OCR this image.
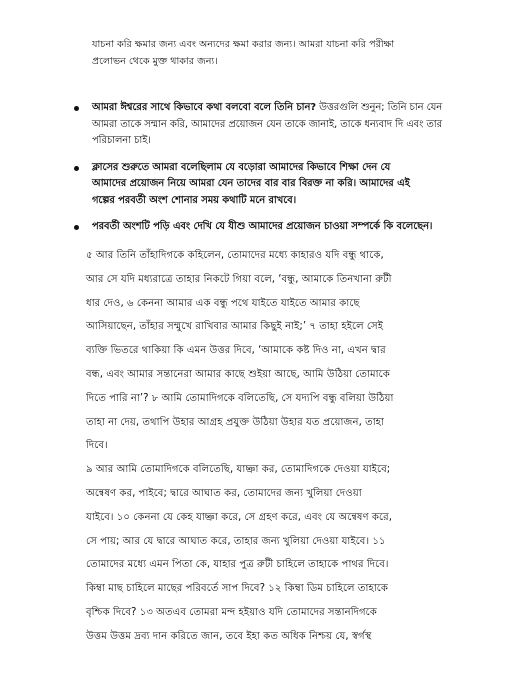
যাচনা করি ক্ষমার জন্য এবং অন্যদের ক্ষমা করার জন্য। আমরা যাচনা করি পরীক্ষা
প্রলোভন থেকে মুক্ত থাকার জন্য।
আমরা ঈশ্বরের সাথে কিভাবে কথা বলবো বলে তিনি চান? উত্তরগুলি শুনুন; তিনি চান যেন
আমরা তাকে সম্মান করি, আমাদের প্রয়োজন যেন তাকে জানাই, তাকে ধন্যবাদ দি এবং তার
পরিচালনা চাই।
ক্লাসের শুরুতে আমরা বলেছিলাম যে বড়োরা আমাদের কিভাবে শিক্ষা দেন যে
আমাদের প্রয়োজন নিয়ে আমরা যেন তাদের বার বার বিরক্ত না করি। আমাদের এই
গল্পের পরবর্তী অংশ শোনার সময় কথাটি মনে রাখবে।
পরবর্তী অংশটি পড়ি এবং দেখি যে যীশু আমাদের প্রয়োজন চাওয়া সম্পর্কে কি বলেছেন।

৫ আর তিনি তাঁহাদিগকে কহিলেন, তোমাদের মধ্যে কাহারও যদি বন্ধু থাকে,

আর সে যদি মধ্যরাত্রে তাহার নিকটে গিয়া বলে, ‘বন্ধু, আমাকে তিনখানা রুটী

ধার দেও, ৬ কেননা আমার এক বন্ধু পথে যাইতে যাইতে আমার কাছে

আসিয়াছেন, তাঁহার সম্মুখে রাখিবার আমার কিছুই নাই;’ ৭ তাহা হইলে সেই

ব্যক্তি ভিতরে থাকিয়া কি এমন উত্তর দিবে, ‘আমাকে কষ্ট দিও না, এখন দ্বার

বন্ধ, এবং আমার সন্তানেরা আমার কাছে শুইয়া আছে, আমি উঠিয়া তোমাকে

দিতে পারি না’? ৮ আমি তোমাদিগকে বলিতেছি, সে যদ্যপি বন্ধু বলিয়া উঠিয়া

তাহা না দেয়, তথাপি উহার আগ্রহ প্রযুক্ত উঠিয়া উহার যত প্রয়োজন, তাহা

দিবে।

৯ আর আমি তোমাদিগকে বলিতেছি, যাচ্ঞা কর, তোমাদিগকে দেওয়া যাইবে;

অন্বেষণ কর, পাইবে; দ্বারে আঘাত কর, তোমাদের জন্য খুলিয়া দেওয়া

যাইবে। ১০ কেননা যে কেহ যাচ্ঞা করে, সে গ্রহণ করে, এবং যে অন্বেষণ করে,

সে পায়; আর যে দ্বারে আঘাত করে, তাহার জন্য খুলিয়া দেওয়া যাইবে। ১১

তোমাদের মধ্যে এমন পিতা কে, যাহার পুত্র রুটী চাহিলে তাহাকে পাথর দিবে।

কিম্বা মাছ চাহিলে মাছের পরিবর্তে সাপ দিবে? ১২ কিম্বা ডিম চাহিলে তাহাকে

বৃশ্চিক দিবে? ১৩ অতএব তোমরা মন্দ হইয়াও যদি তোমাদের সন্তানদিগকে

উত্তম উত্তম দ্রব্য দান করিতে জান, তবে ইহা কত অধিক নিশ্চয় যে, স্বর্গস্থ
